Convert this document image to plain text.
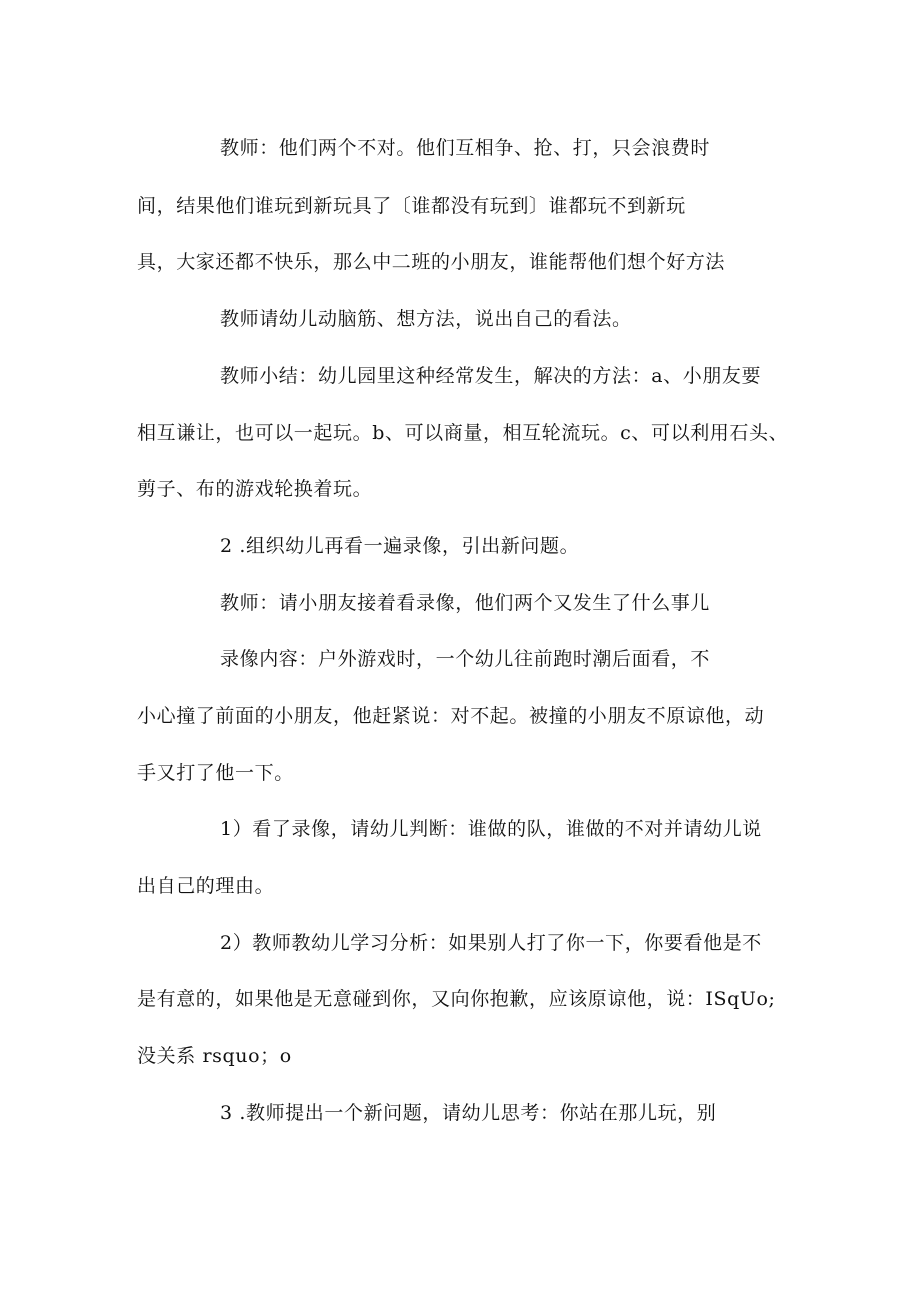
教师：他们两个不对。他们互相争、抢、打，只会浪费时
间，结果他们谁玩到新玩具了〔谁都没有玩到〕谁都玩不到新玩
具，大家还都不快乐，那么中二班的小朋友，谁能帮他们想个好方法
教师请幼儿动脑筋、想方法，说出自己的看法。
教师小结：幼儿园里这种经常发生，解决的方法：a、小朋友要
相互谦让，也可以一起玩。b、可以商量，相互轮流玩。c、可以利用石头、
剪子、布的游戏轮换着玩。
2 .组织幼儿再看一遍录像，引出新问题。
教师：请小朋友接着看录像，他们两个又发生了什么事儿
录像内容：户外游戏时，一个幼儿往前跑时潮后面看，不
小心撞了前面的小朋友，他赶紧说：对不起。被撞的小朋友不原谅他，动
手又打了他一下。
1）看了录像，请幼儿判断：谁做的队，谁做的不对并请幼儿说
出自己的理由。
2）教师教幼儿学习分析：如果别人打了你一下，你要看他是不
是有意的，如果他是无意碰到你，又向你抱歉，应该原谅他，说：ISqUo;
没关系 rsquo；o
3 .教师提出一个新问题，请幼儿思考：你站在那儿玩，别
